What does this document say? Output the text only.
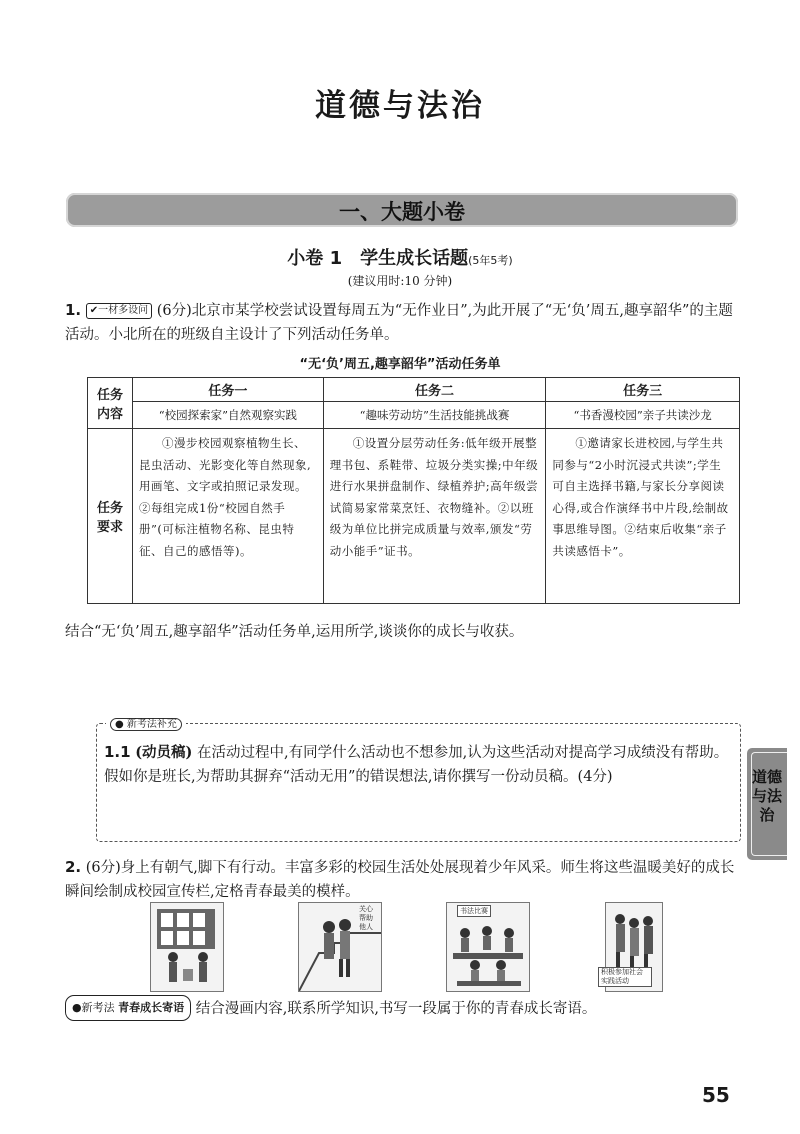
道德与法治
一、大题小卷
小卷 1　学生成长话题(5年5考)
(建议用时:10 分钟)
1. ✔一材多设问 (6分)北京市某学校尝试设置每周五为“无作业日”,为此开展了“无‘负’周五,趣享韶华”的主题活动。小北所在的班级自主设计了下列活动任务单。
“无‘负’周五,趣享韶华”活动任务单
任务
内容	任务一	任务二	任务三
	“校园探索家”自然观察实践	“趣味劳动坊”生活技能挑战赛	“书香漫校园”亲子共读沙龙
任务要求	①漫步校园观察植物生长、昆虫活动、光影变化等自然现象,用画笔、文字或拍照记录发现。②每组完成1份“校园自然手册”(可标注植物名称、昆虫特征、自己的感悟等)。	①设置分层劳动任务:低年级开展整理书包、系鞋带、垃圾分类实操;中年级进行水果拼盘制作、绿植养护;高年级尝试简易家常菜烹饪、衣物缝补。②以班级为单位比拼完成质量与效率,颁发“劳动小能手”证书。	①邀请家长进校园,与学生共同参与“2小时沉浸式共读”;学生可自主选择书籍,与家长分享阅读心得,或合作演绎书中片段,绘制故事思维导图。②结束后收集“亲子共读感悟卡”。
结合“无‘负’周五,趣享韶华”活动任务单,运用所学,谈谈你的成长与收获。
● 新考法补充
1.1 (动员稿) 在活动过程中,有同学什么活动也不想参加,认为这些活动对提高学习成绩没有帮助。假如你是班长,为帮助其摒弃“活动无用”的错误想法,请你撰写一份动员稿。(4分)	道德与法治
2. (6分)身上有朝气,脚下有行动。丰富多彩的校园生活处处展现着少年风采。师生将这些温暖美好的成长瞬间绘制成校园宣传栏,定格青春最美的模样。
关心帮助他人
书法比赛
积极参加社会实践活动
●新考法 青春成长寄语 结合漫画内容,联系所学知识,书写一段属于你的青春成长寄语。
55
